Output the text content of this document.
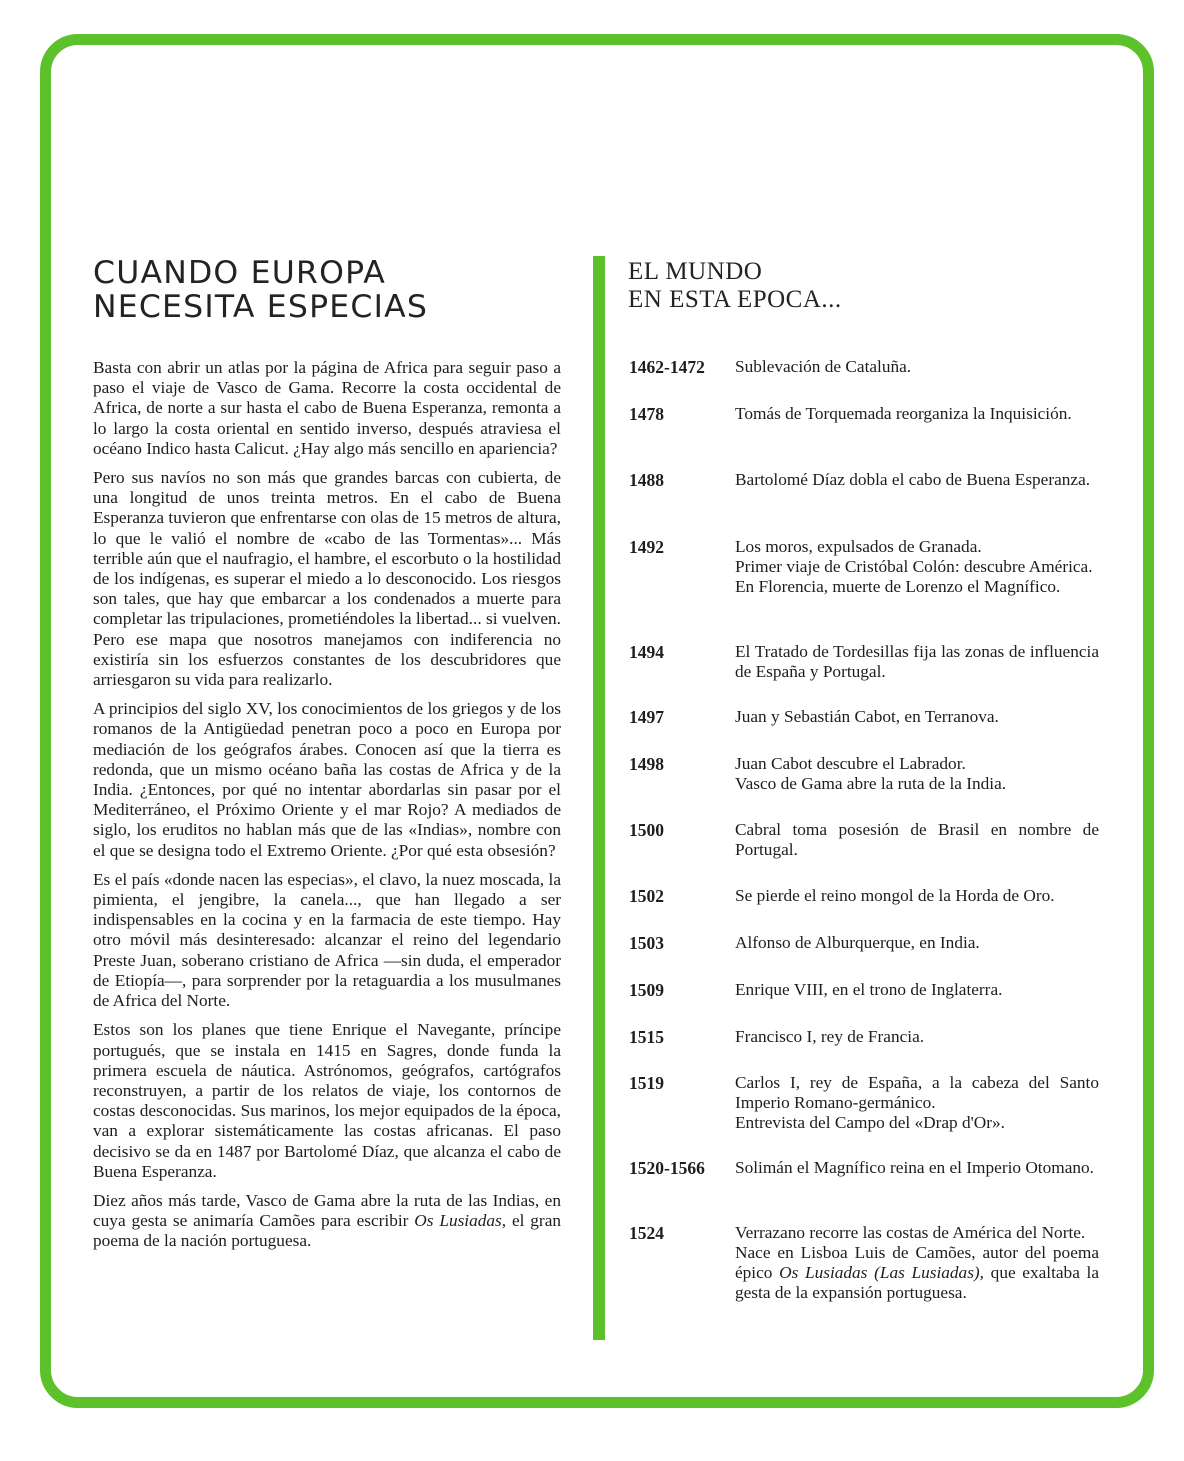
CUANDO EUROPA
NECESITA ESPECIAS

Basta con abrir un atlas por la página de Africa para seguir paso a paso el viaje de Vasco de Gama. Recorre la costa occidental de Africa, de norte a sur hasta el cabo de Buena Esperanza, remonta a lo largo la costa oriental en sentido inverso, después atraviesa el océano Indico hasta Calicut. ¿Hay algo más sencillo en apariencia?

Pero sus navíos no son más que grandes barcas con cubierta, de una longitud de unos treinta metros. En el cabo de Buena Esperanza tuvieron que enfrentarse con olas de 15 metros de altura, lo que le valió el nombre de «cabo de las Tormentas»... Más terrible aún que el naufragio, el hambre, el escorbuto o la hostilidad de los indígenas, es superar el miedo a lo desconocido. Los riesgos son tales, que hay que embarcar a los condenados a muerte para completar las tripulaciones, prometiéndoles la libertad... si vuelven. Pero ese mapa que nosotros manejamos con indiferencia no existiría sin los esfuerzos constantes de los descubridores que arriesgaron su vida para realizarlo.

A principios del siglo XV, los conocimientos de los griegos y de los romanos de la Antigüedad penetran poco a poco en Europa por mediación de los geógrafos árabes. Conocen así que la tierra es redonda, que un mismo océano baña las costas de Africa y de la India. ¿Entonces, por qué no intentar abordarlas sin pasar por el Mediterráneo, el Próximo Oriente y el mar Rojo? A mediados de siglo, los eruditos no hablan más que de las «Indias», nombre con el que se designa todo el Extremo Oriente. ¿Por qué esta obsesión?

Es el país «donde nacen las especias», el clavo, la nuez moscada, la pimienta, el jengibre, la canela..., que han llegado a ser indispensables en la cocina y en la farmacia de este tiempo. Hay otro móvil más desinteresado: alcanzar el reino del legendario Preste Juan, soberano cristiano de Africa —sin duda, el emperador de Etiopía—, para sorprender por la retaguardia a los musulmanes de Africa del Norte.

Estos son los planes que tiene Enrique el Navegante, príncipe portugués, que se instala en 1415 en Sagres, donde funda la primera escuela de náutica. Astrónomos, geógrafos, cartógrafos reconstruyen, a partir de los relatos de viaje, los contornos de costas desconocidas. Sus marinos, los mejor equipados de la época, van a explorar sistemáticamente las costas africanas. El paso decisivo se da en 1487 por Bartolomé Díaz, que alcanza el cabo de Buena Esperanza.

Diez años más tarde, Vasco de Gama abre la ruta de las Indias, en cuya gesta se animaría Camões para escribir Os Lusiadas, el gran poema de la nación portuguesa.

EL MUNDO
EN ESTA EPOCA...
1462-1472 Sublevación de Cataluña.

1478	Tomás de Torquemada reorganiza la Inquisición.

1488	Bartolomé Díaz dobla el cabo de Buena Esperanza.

1492	Los moros, expulsados de Granada.

Primer viaje de Cristóbal Colón: descubre América.

En Florencia, muerte de Lorenzo el Magnífico.

1494	El Tratado de Tordesillas fija las zonas de influencia de España y Portugal.

1497	Juan y Sebastián Cabot, en Terranova.

1498	Juan Cabot descubre el Labrador.

Vasco de Gama abre la ruta de la India.

1500	Cabral toma posesión de Brasil en nombre de Portugal.

1502	Se pierde el reino mongol de la Horda de Oro.

1503	Alfonso de Alburquerque, en India.

1509	Enrique VIII, en el trono de Inglaterra.

1515	Francisco I, rey de Francia.

1519	Carlos I, rey de España, a la cabeza del Santo Imperio Romano-germánico.

Entrevista del Campo del «Drap d'Or».

1520-1566 Solimán el Magnífico reina en el Imperio Otomano.

1524	Verrazano recorre las costas de América del Norte.

Nace en Lisboa Luis de Camões, autor del poema épico Os Lusiadas (Las Lusiadas), que exaltaba la gesta de la expansión portuguesa.
